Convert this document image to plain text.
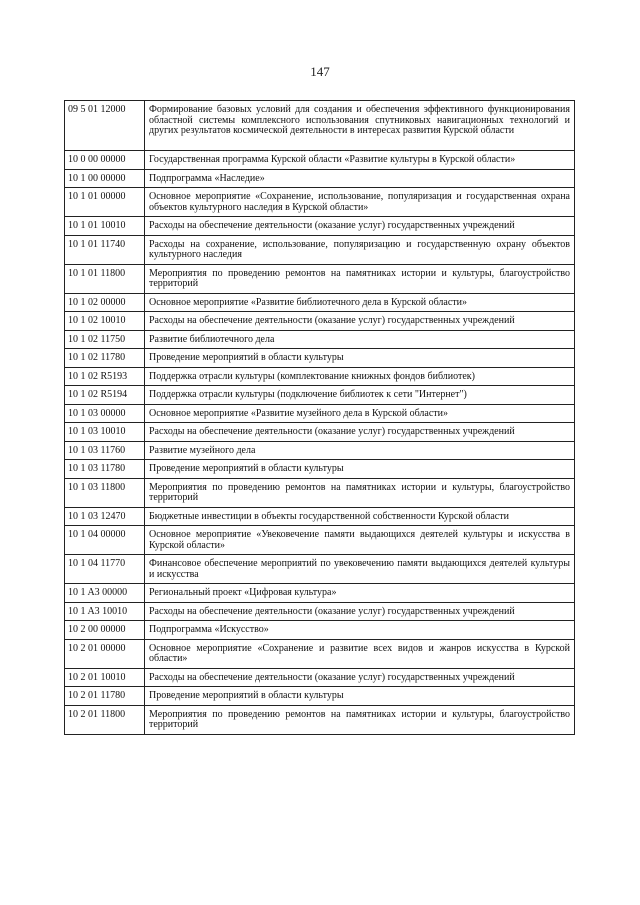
147
09 5 01 12000	Формирование базовых условий для создания и обеспечения эффективного функционирования областной системы комплексного использования спутниковых навигационных технологий и других результатов космической деятельности в интересах развития Курской области
10 0 00 00000	Государственная программа Курской области «Развитие культуры в Курской области»
10 1 00 00000	Подпрограмма «Наследие»
10 1 01 00000	Основное мероприятие «Сохранение, использование, популяризация и государственная охрана объектов культурного наследия в Курской области»
10 1 01 10010	Расходы на обеспечение деятельности (оказание услуг) государственных учреждений
10 1 01 11740	Расходы на сохранение, использование, популяризацию и государственную охрану объектов культурного наследия
10 1 01 11800	Мероприятия по проведению ремонтов на памятниках истории и культуры, благоустройство территорий
10 1 02 00000	Основное мероприятие «Развитие библиотечного дела в Курской области»
10 1 02 10010	Расходы на обеспечение деятельности (оказание услуг) государственных учреждений
10 1 02 11750	Развитие библиотечного дела
10 1 02 11780	Проведение мероприятий в области культуры
10 1 02 R5193	Поддержка отрасли культуры (комплектование книжных фондов библиотек)
10 1 02 R5194	Поддержка отрасли культуры (подключение библиотек к сети "Интернет")
10 1 03 00000	Основное мероприятие «Развитие музейного дела в Курской области»
10 1 03 10010	Расходы на обеспечение деятельности (оказание услуг) государственных учреждений
10 1 03 11760	Развитие музейного дела
10 1 03 11780	Проведение мероприятий в области культуры
10 1 03 11800	Мероприятия по проведению ремонтов на памятниках истории и культуры, благоустройство территорий
10 1 03 12470	Бюджетные инвестиции в объекты государственной собственности Курской области
10 1 04 00000	Основное мероприятие «Увековечение памяти выдающихся деятелей культуры и искусства в Курской области»
10 1 04 11770	Финансовое обеспечение мероприятий по увековечению памяти выдающихся деятелей культуры и искусства
10 1 A3 00000	Региональный проект «Цифровая культура»
10 1 A3 10010	Расходы на обеспечение деятельности (оказание услуг) государственных учреждений
10 2 00 00000	Подпрограмма «Искусство»
10 2 01 00000	Основное мероприятие «Сохранение и развитие всех видов и жанров искусства в Курской области»
10 2 01 10010	Расходы на обеспечение деятельности (оказание услуг) государственных учреждений
10 2 01 11780	Проведение мероприятий в области культуры
10 2 01 11800	Мероприятия по проведению ремонтов на памятниках истории и культуры, благоустройство территорий
